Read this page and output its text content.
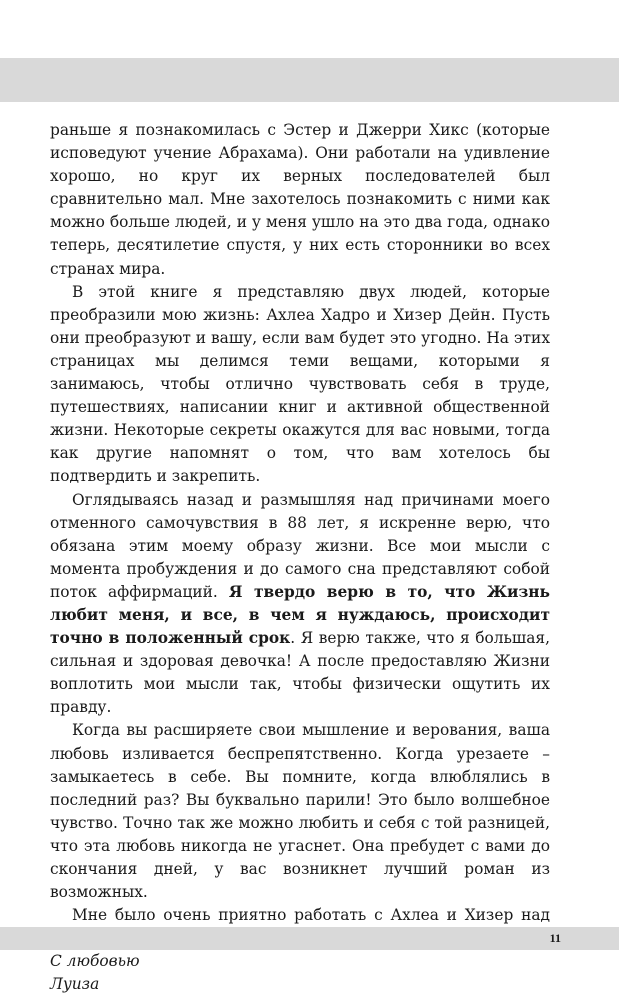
раньше я познакомилась с Эстер и Джерри Хикс (которые исповедуют учение Абрахама). Они работали на удивление хорошо, но круг их верных последователей был сравнительно мал. Мне захотелось познакомить с ними как можно больше людей, и у меня ушло на это два года, однако теперь, десятилетие спустя, у них есть сторонники во всех странах мира.

В этой книге я представляю двух людей, которые преобразили мою жизнь: Ахлеа Хадро и Хизер Дейн. Пусть они преобразуют и вашу, если вам будет это угодно. На этих страницах мы делимся теми вещами, которыми я занимаюсь, чтобы отлично чувствовать себя в труде, путешествиях, написании книг и активной общественной жизни. Некоторые секреты окажутся для вас новыми, тогда как другие напомнят о том, что вам хотелось бы подтвердить и закрепить.

Оглядываясь назад и размышляя над причинами моего отменного самочувствия в 88 лет, я искренне верю, что обязана этим моему образу жизни. Все мои мысли с момента пробуждения и до самого сна представляют собой поток аффирмаций. Я твердо верю в то, что Жизнь любит меня, и все, в чем я нуждаюсь, происходит точно в положенный срок. Я верю также, что я большая, сильная и здоровая девочка! А после предоставляю Жизни воплотить мои мысли так, чтобы физически ощутить их правду.

Когда вы расширяете свои мышление и верования, ваша любовь изливается беспрепятственно. Когда урезаете – замыкаетесь в себе. Вы помните, когда влюблялись в последний раз? Вы буквально парили! Это было волшебное чувство. Точно так же можно любить и себя с той разницей, что эта любовь никогда не угаснет. Она пребудет с вами до скончания дней, у вас возникнет лучший роман из возможных.

Мне было очень приятно работать с Ахлеа и Хизер над

С любовью

Луиза

11
